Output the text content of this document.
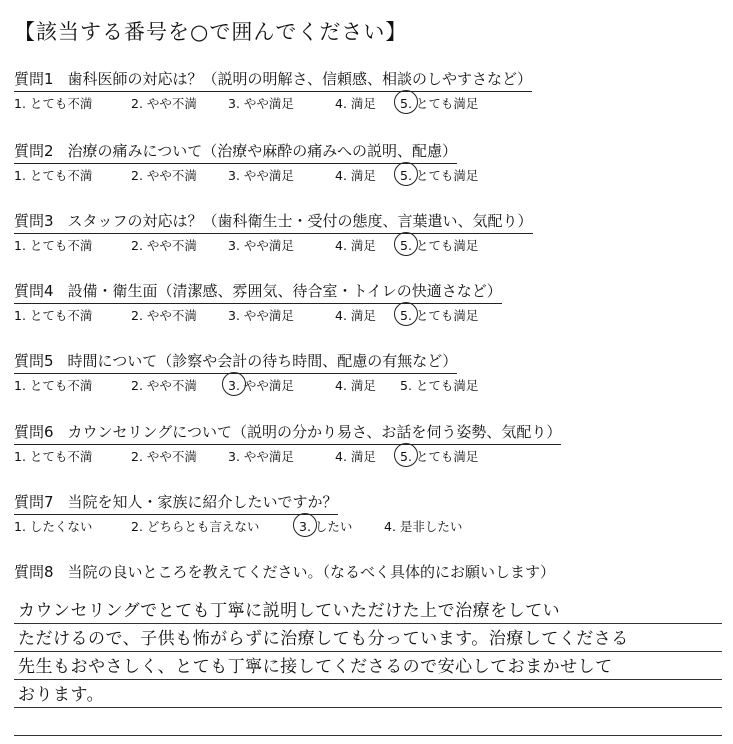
【該当する番号を○で囲んでください】
質問1 歯科医師の対応は？（説明の明解さ、信頼感、相談のしやすさなど）
1. とても不満	2. やや不満 3. やや満足	4. 満足 5. とても満足
質問2 治療の痛みについて（治療や麻酔の痛みへの説明、配慮）
1. とても不満	2. やや不満 3. やや満足	4. 満足 5. とても満足
質問3 スタッフの対応は？（歯科衛生士・受付の態度、言葉遣い、気配り）
1. とても不満	2. やや不満 3. やや満足	4. 満足 5. とても満足
質問4 設備・衛生面（清潔感、雰囲気、待合室・トイレの快適さなど）
1. とても不満	2. やや不満 3. やや満足	4. 満足 5. とても満足
質問5 時間について（診察や会計の待ち時間、配慮の有無など）
1. とても不満	2. やや不満 3. やや満足	4. 満足 5. とても満足
質問6 カウンセリングについて（説明の分かり易さ、お話を伺う姿勢、気配り）
1. とても不満	2. やや不満 3. やや満足	4. 満足 5. とても満足
質問7 当院を知人・家族に紹介したいですか？
1. したくない	2. どちらとも言えない	3. したい	4. 是非したい
質問8 当院の良いところを教えてください。（なるべく具体的にお願いします）
カウンセリングでとても丁寧に説明していただけた上で治療をしてい
ただけるので、子供も怖がらずに治療しても分っています。治療してくださる
先生もおやさしく、とても丁寧に接してくださるので安心しておまかせして
おります。
